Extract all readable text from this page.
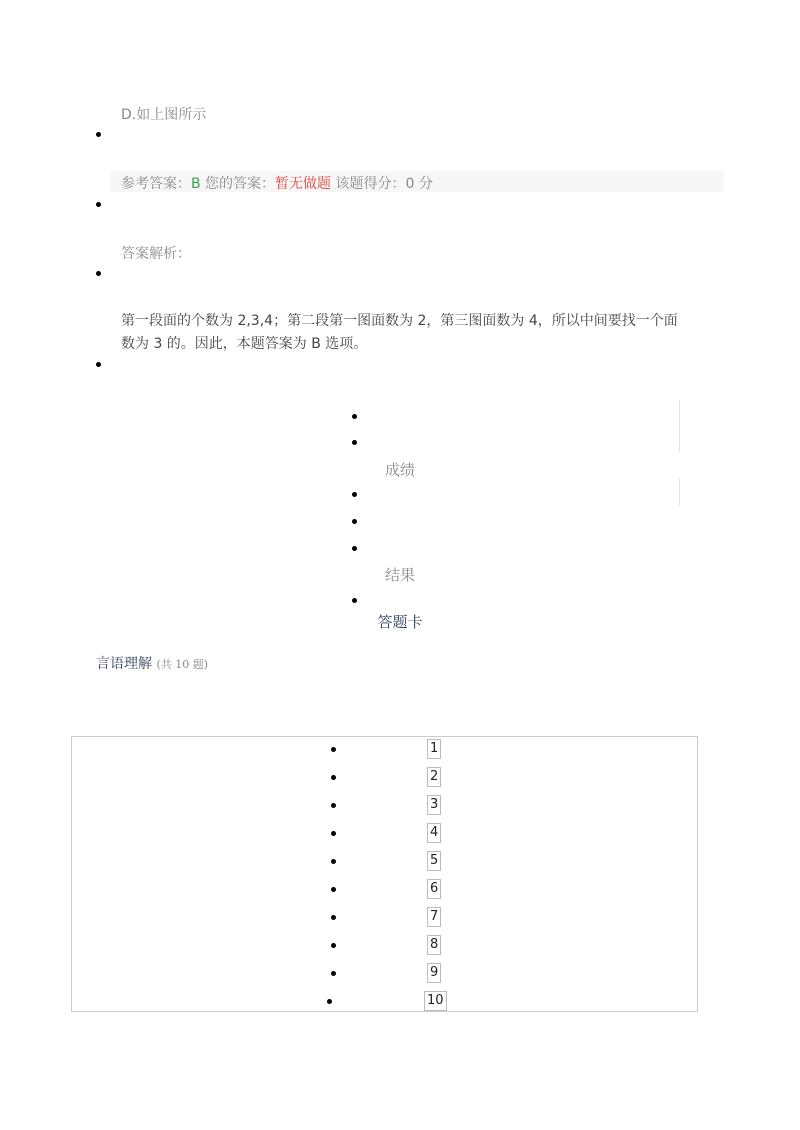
D.如上图所示
参考答案：B 您的答案：暂无做题 该题得分：0 分
答案解析：
第一段面的个数为 2,3,4；第二段第一图面数为 2，第三图面数为 4，所以中间要找一个面数为 3 的。因此，本题答案为 B 选项。
成绩
结果
答题卡
言语理解 (共 10 题)
1
2
3
4
5
6
7
8
9
10
